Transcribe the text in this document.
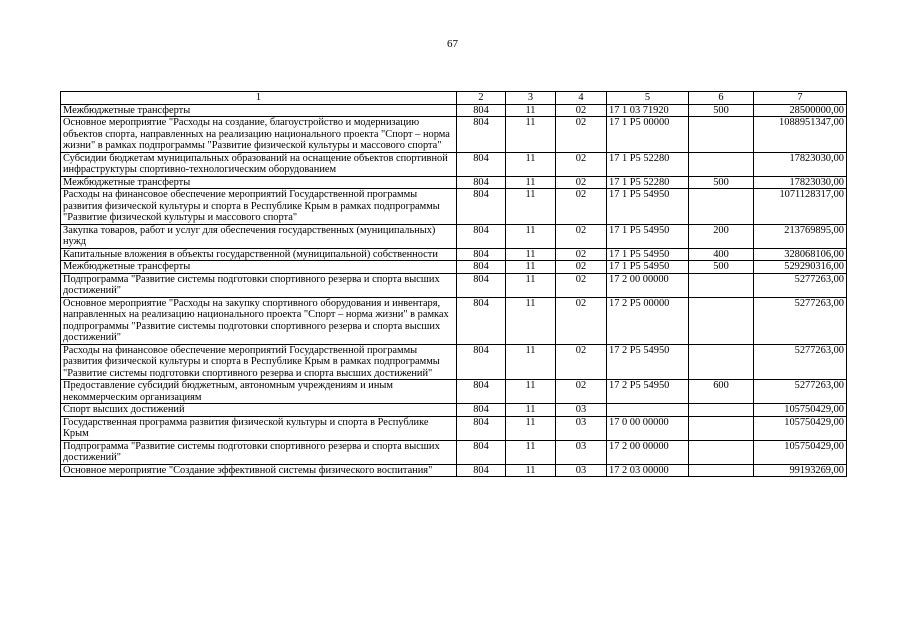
67
1	2	3	4	5	6	7
Межбюджетные трансферты	804	11	02	17 1 03 71920	500	28500000,00
Основное мероприятие "Расходы на создание, благоустройство и модернизацию объектов спорта, направленных на реализацию национального проекта "Спорт – норма жизни" в рамках подпрограммы "Развитие физической культуры и массового спорта"	804	11	02	17 1 Р5 00000		1088951347,00
Субсидии бюджетам муниципальных образований на оснащение объектов спортивной инфраструктуры спортивно-технологическим оборудованием	804	11	02	17 1 Р5 52280		17823030,00
Межбюджетные трансферты	804	11	02	17 1 Р5 52280	500	17823030,00
Расходы на финансовое обеспечение мероприятий Государственной программы развития физической культуры и спорта в Республике Крым в рамках подпрограммы "Развитие физической культуры и массового спорта"	804	11	02	17 1 Р5 54950		1071128317,00
Закупка товаров, работ и услуг для обеспечения государственных (муниципальных) нужд	804	11	02	17 1 Р5 54950	200	213769895,00
Капитальные вложения в объекты государственной (муниципальной) собственности	804	11	02	17 1 Р5 54950	400	328068106,00
Межбюджетные трансферты	804	11	02	17 1 Р5 54950	500	529290316,00
Подпрограмма "Развитие системы подготовки спортивного резерва и спорта высших достижений"	804	11	02	17 2 00 00000		5277263,00
Основное мероприятие "Расходы на закупку спортивного оборудования и инвентаря, направленных на реализацию национального проекта "Спорт – норма жизни" в рамках подпрограммы "Развитие системы подготовки спортивного резерва и спорта высших достижений"	804	11	02	17 2 Р5 00000		5277263,00
Расходы на финансовое обеспечение мероприятий Государственной программы развития физической культуры и спорта в Республике Крым в рамках подпрограммы "Развитие системы подготовки спортивного резерва и спорта высших достижений"	804	11	02	17 2 Р5 54950		5277263,00
Предоставление субсидий бюджетным, автономным учреждениям и иным некоммерческим организациям	804	11	02	17 2 Р5 54950	600	5277263,00
Спорт высших достижений	804	11	03			105750429,00
Государственная программа развития физической культуры и спорта в Республике Крым	804	11	03	17 0 00 00000		105750429,00
Подпрограмма "Развитие системы подготовки спортивного резерва и спорта высших достижений"	804	11	03	17 2 00 00000		105750429,00
Основное мероприятие "Создание эффективной системы физического воспитания"	804	11	03	17 2 03 00000		99193269,00
